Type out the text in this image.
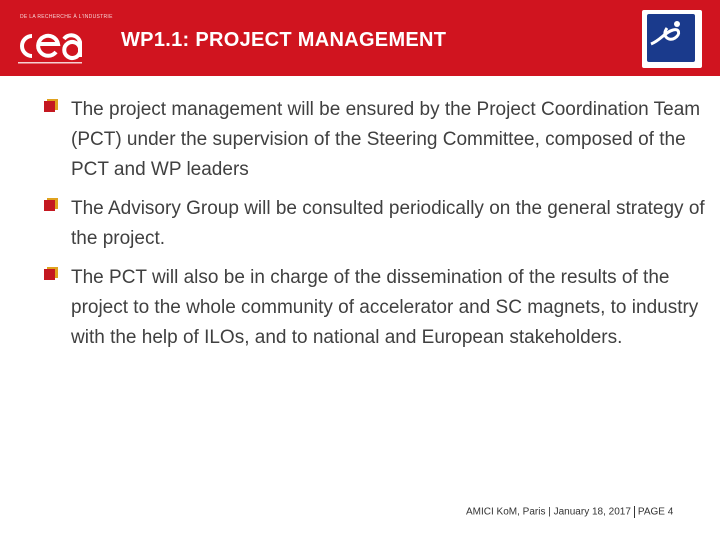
DE LA RECHERCHE À L'INDUSTRIE
WP1.1: PROJECT MANAGEMENT
The project management will be ensured by the Project Coordination Team (PCT) under the supervision of the Steering Committee, composed of the PCT and WP leaders
The Advisory Group will be consulted periodically on the general strategy of the project.
The PCT will also be in charge of the dissemination of the results of the project to the whole community of accelerator and SC magnets, to industry with the help of ILOs, and to national and European stakeholders.
AMICI KoM, Paris | January 18, 2017 PAGE 4
